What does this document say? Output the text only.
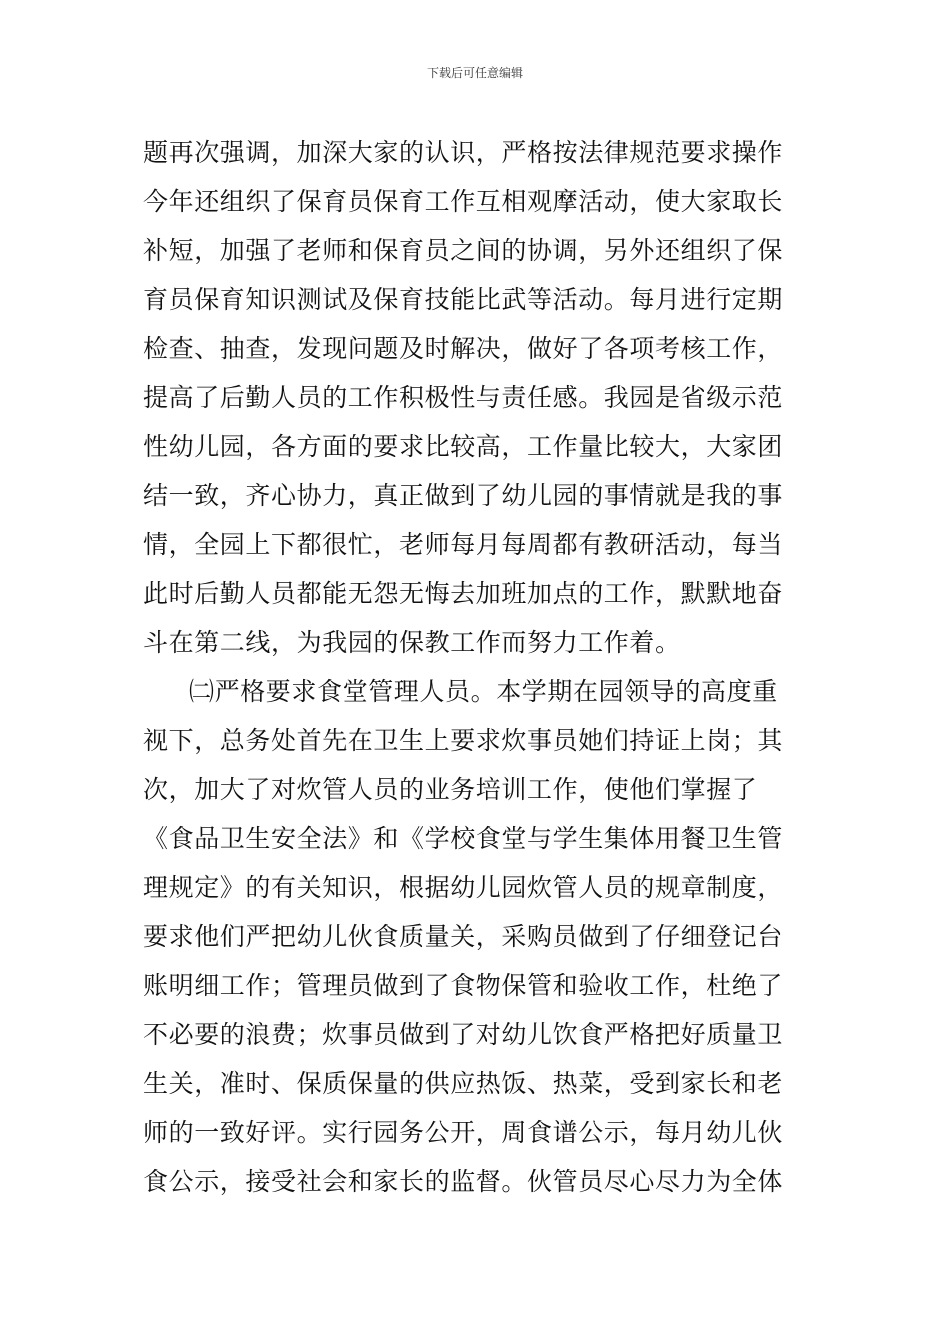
下载后可任意编辑
题再次强调，加深大家的认识，严格按法律规范要求操作
今年还组织了保育员保育工作互相观摩活动，使大家取长
补短，加强了老师和保育员之间的协调，另外还组织了保
育员保育知识测试及保育技能比武等活动。每月进行定期
检查、抽查，发现问题及时解决，做好了各项考核工作，
提高了后勤人员的工作积极性与责任感。我园是省级示范
性幼儿园，各方面的要求比较高，工作量比较大，大家团
结一致，齐心协力，真正做到了幼儿园的事情就是我的事
情，全园上下都很忙，老师每月每周都有教研活动，每当
此时后勤人员都能无怨无悔去加班加点的工作，默默地奋
斗在第二线，为我园的保教工作而努力工作着。
㈡严格要求食堂管理人员。本学期在园领导的高度重
视下，总务处首先在卫生上要求炊事员她们持证上岗；其
次，加大了对炊管人员的业务培训工作，使他们掌握了
《食品卫生安全法》和《学校食堂与学生集体用餐卫生管
理规定》的有关知识，根据幼儿园炊管人员的规章制度，
要求他们严把幼儿伙食质量关，采购员做到了仔细登记台
账明细工作；管理员做到了食物保管和验收工作，杜绝了
不必要的浪费；炊事员做到了对幼儿饮食严格把好质量卫
生关，准时、保质保量的供应热饭、热菜，受到家长和老
师的一致好评。实行园务公开，周食谱公示，每月幼儿伙
食公示，接受社会和家长的监督。伙管员尽心尽力为全体
